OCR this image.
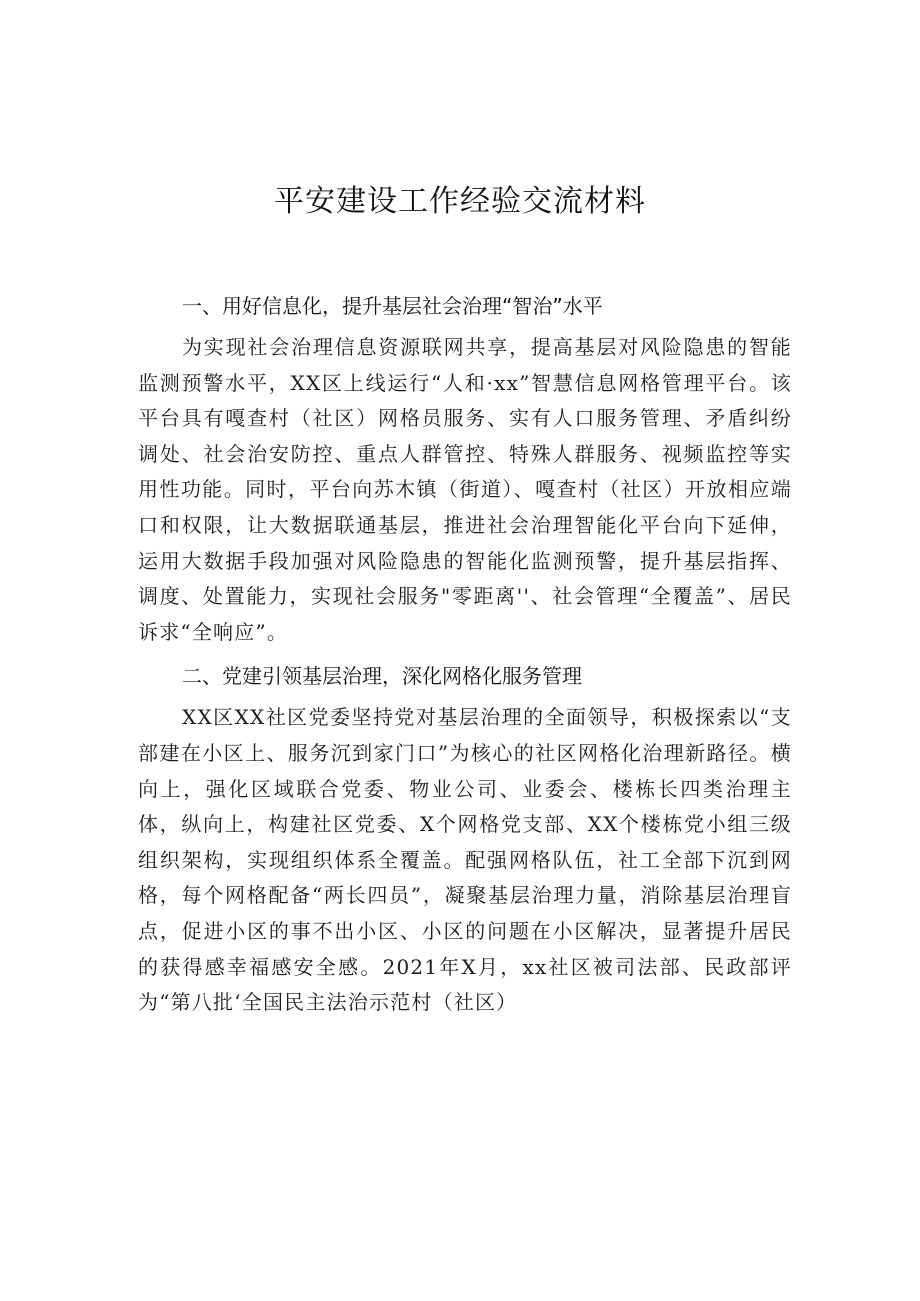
平安建设工作经验交流材料
一、用好信息化，提升基层社会治理“智治”水平

为实现社会治理信息资源联网共享，提高基层对风险隐患的智能监测预警水平，XX区上线运行“人和·xx”智慧信息网格管理平台。该平台具有嘎查村（社区）网格员服务、实有人口服务管理、矛盾纠纷调处、社会治安防控、重点人群管控、特殊人群服务、视频监控等实用性功能。同时，平台向苏木镇（街道）、嘎查村（社区）开放相应端口和权限，让大数据联通基层，推进社会治理智能化平台向下延伸，运用大数据手段加强对风险隐患的智能化监测预警，提升基层指挥、调度、处置能力，实现社会服务"零距离''、社会管理“全覆盖”、居民诉求“全响应”。

二、党建引领基层治理，深化网格化服务管理

XX区XX社区党委坚持党对基层治理的全面领导，积极探索以“支部建在小区上、服务沉到家门口”为核心的社区网格化治理新路径。横向上，强化区域联合党委、物业公司、业委会、楼栋长四类治理主体，纵向上，构建社区党委、X个网格党支部、XX个楼栋党小组三级组织架构，实现组织体系全覆盖。配强网格队伍，社工全部下沉到网格，每个网格配备“两长四员”，凝聚基层治理力量，消除基层治理盲点，促进小区的事不出小区、小区的问题在小区解决，显著提升居民的获得感幸福感安全感。2021年X月，xx社区被司法部、民政部评为“第八批‘全国民主法治示范村（社区）
